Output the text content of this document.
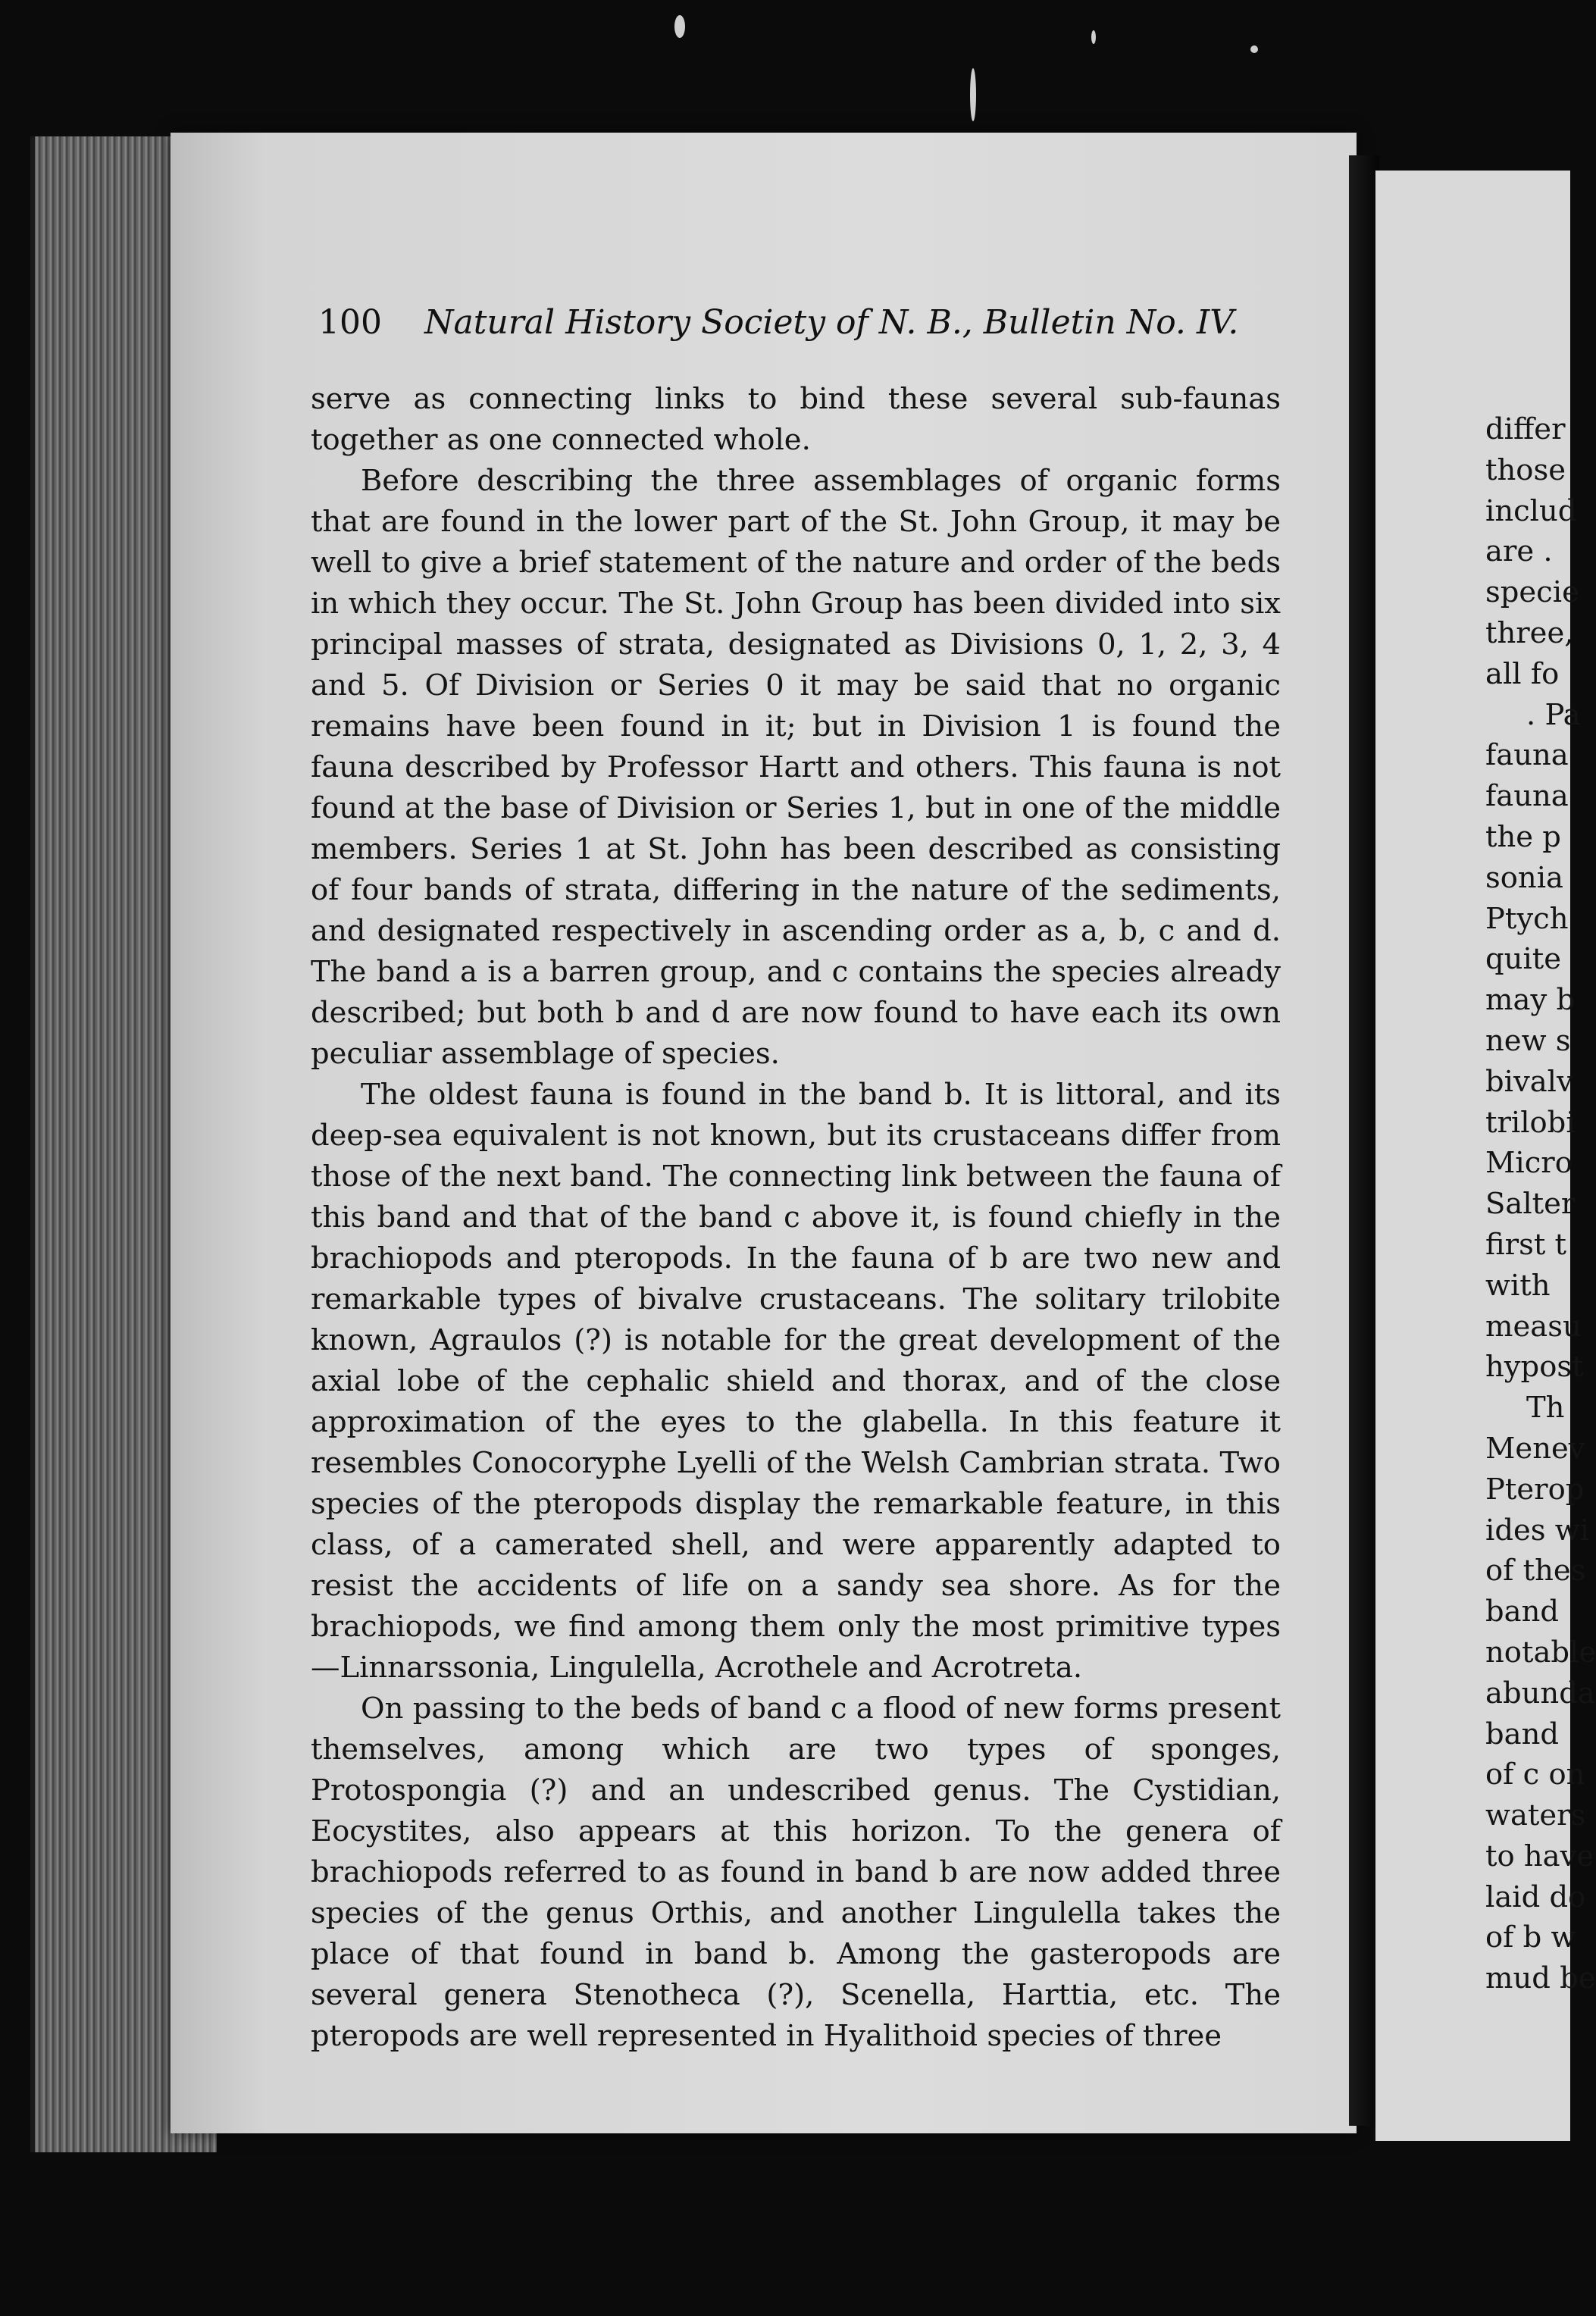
100 Natural History Society of N. B., Bulletin No. IV.

serve as connecting links to bind these several sub-faunas together as one connected whole.

Before describing the three assemblages of organic forms that are found in the lower part of the St. John Group, it may be well to give a brief statement of the nature and order of the beds in which they occur. The St. John Group has been divided into six principal masses of strata, designated as Divisions 0, 1, 2, 3, 4 and 5. Of Division or Series 0 it may be said that no organic remains have been found in it; but in Division 1 is found the fauna described by Professor Hartt and others. This fauna is not found at the base of Division or Series 1, but in one of the middle members. Series 1 at St. John has been described as consisting of four bands of strata, differing in the nature of the sediments, and designated respectively in ascending order as a, b, c and d. The band a is a barren group, and c contains the species already described; but both b and d are now found to have each its own peculiar assemblage of species.

The oldest fauna is found in the band b. It is littoral, and its deep-sea equivalent is not known, but its crustaceans differ from those of the next band. The connecting link between the fauna of this band and that of the band c above it, is found chiefly in the brachiopods and pteropods. In the fauna of b are two new and remarkable types of bivalve crustaceans. The solitary trilobite known, Agraulos (?) is notable for the great development of the axial lobe of the cephalic shield and thorax, and of the close approximation of the eyes to the glabella. In this feature it resembles Conocoryphe Lyelli of the Welsh Cambrian strata. Two species of the pteropods display the remarkable feature, in this class, of a camerated shell, and were apparently adapted to resist the accidents of life on a sandy sea shore. As for the brachiopods, we find among them only the most primitive types—Linnarssonia, Lingulella, Acrothele and Acrotreta.

On passing to the beds of band c a flood of new forms present themselves, among which are two types of sponges, Protospongia (?) and an undescribed genus. The Cystidian, Eocystites, also appears at this horizon. To the genera of brachiopods referred to as found in band b are now added three species of the genus Orthis, and another Lingulella takes the place of that found in band b. Among the gasteropods are several genera Stenotheca (?), Scenella, Harttia, etc. The pteropods are well represented in Hyalithoid species of three

differ
those
includ
are .
specie
three,
all fo
. Pa
fauna
fauna
the p
sonia
Ptych
quite
may b
new s
bivalv
trilobi
Micro
Salter
first t
with
measu
hypost
Th
Menev
Pterop
ides wi
of thes
band
notable
abunda
band
of c on
waters
to have
laid do
of b w
mud be
